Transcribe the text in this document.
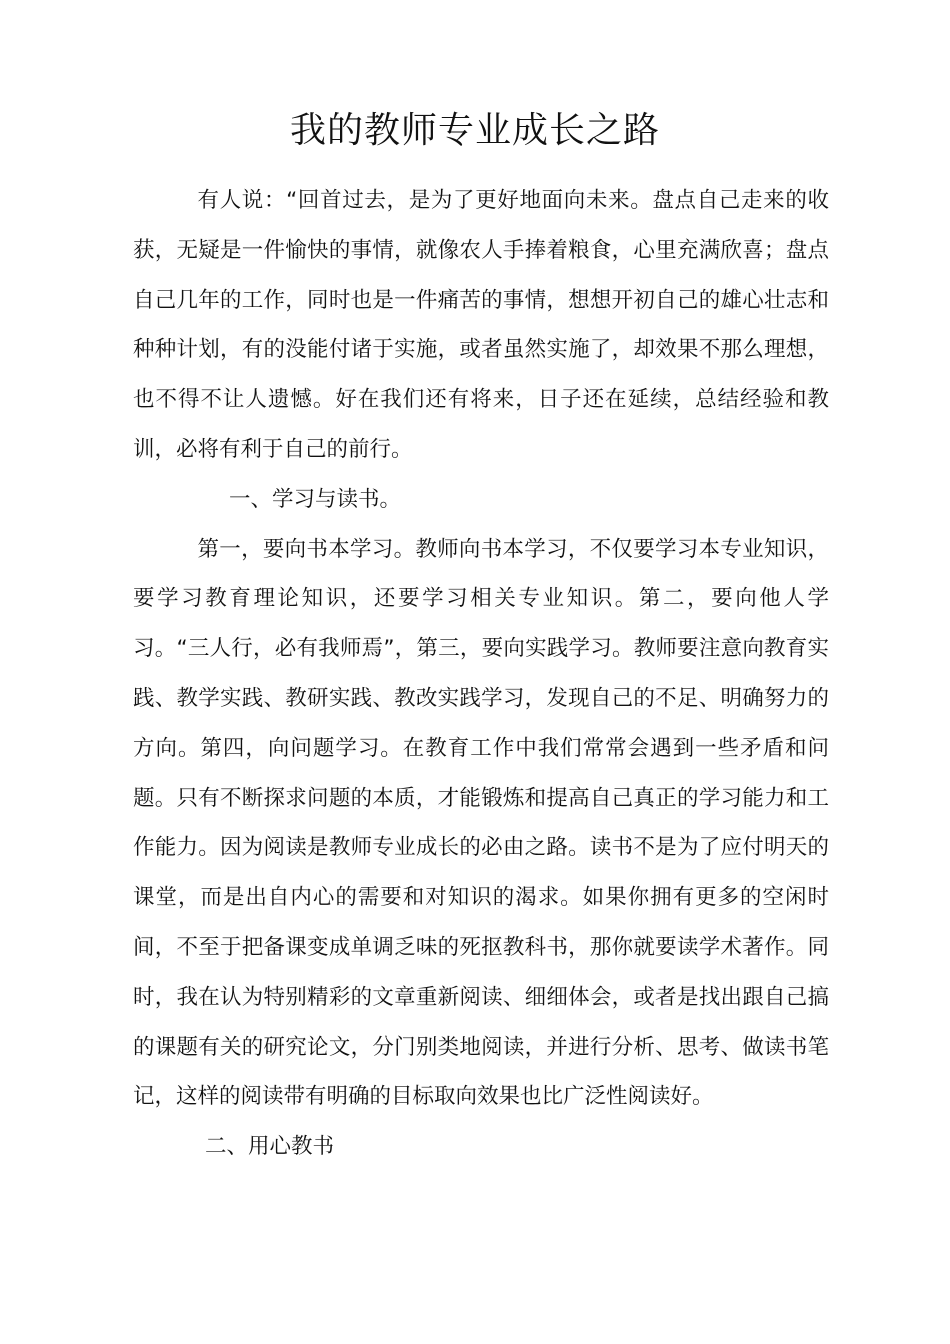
我的教师专业成长之路

有人说：“回首过去，是为了更好地面向未来。盘点自己走来的收获，无疑是一件愉快的事情，就像农人手捧着粮食，心里充满欣喜；盘点自己几年的工作，同时也是一件痛苦的事情，想想开初自己的雄心壮志和种种计划，有的没能付诸于实施，或者虽然实施了，却效果不那么理想，也不得不让人遗憾。好在我们还有将来，日子还在延续，总结经验和教训，必将有利于自己的前行。

一、学习与读书。

第一，要向书本学习。教师向书本学习，不仅要学习本专业知识，要学习教育理论知识，还要学习相关专业知识。第二，要向他人学习。“三人行，必有我师焉”，第三，要向实践学习。教师要注意向教育实践、教学实践、教研实践、教改实践学习，发现自己的不足、明确努力的方向。第四，向问题学习。在教育工作中我们常常会遇到一些矛盾和问题。只有不断探求问题的本质，才能锻炼和提高自己真正的学习能力和工作能力。因为阅读是教师专业成长的必由之路。读书不是为了应付明天的课堂，而是出自内心的需要和对知识的渴求。如果你拥有更多的空闲时间，不至于把备课变成单调乏味的死抠教科书，那你就要读学术著作。同时，我在认为特别精彩的文章重新阅读、细细体会，或者是找出跟自己搞的课题有关的研究论文，分门别类地阅读，并进行分析、思考、做读书笔记，这样的阅读带有明确的目标取向效果也比广泛性阅读好。

二、用心教书
